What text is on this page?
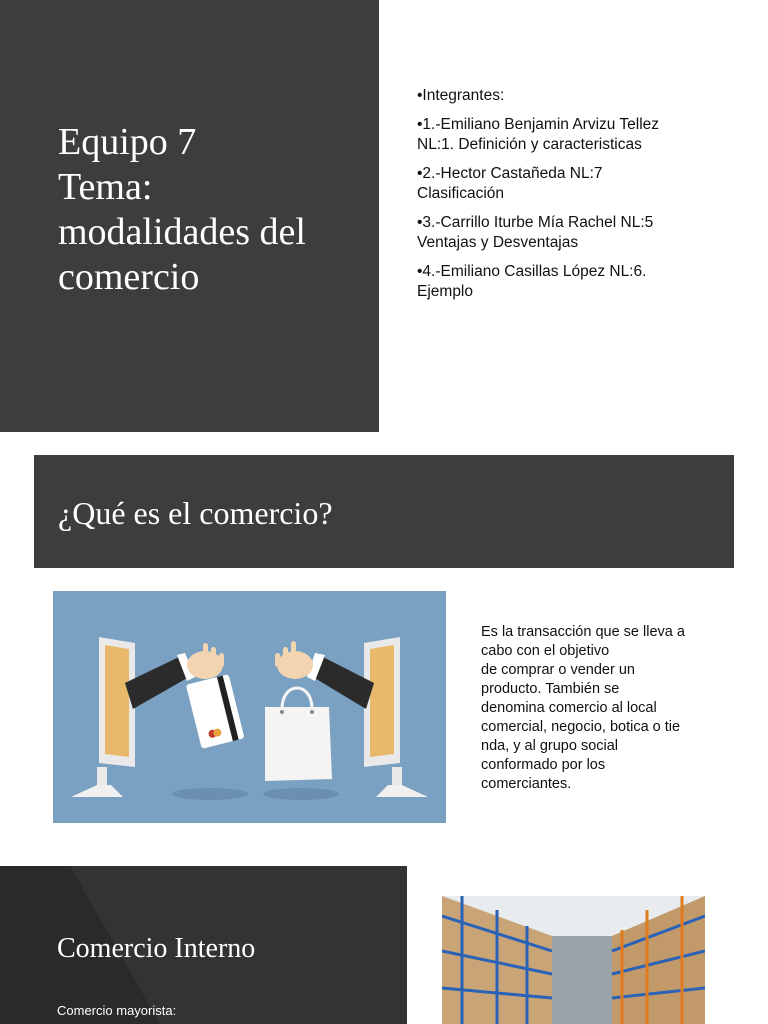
Equipo 7
Tema:
modalidades del
comercio
•Integrantes:
•1.-Emiliano Benjamin Arvizu Tellez
NL:1. Definición y caracteristicas
•2.-Hector Castañeda NL:7
Clasificación
•3.-Carrillo Iturbe Mía Rachel NL:5
Ventajas y Desventajas
•4.-Emiliano Casillas López NL:6.
Ejemplo
¿Qué es el comercio?
Es la transacción que se lleva a
cabo con el objetivo
de comprar o vender un
producto. También se
denomina comercio al local
comercial, negocio, botica o tie
nda, y al grupo social
conformado por los
comerciantes.
Comercio Interno
Comercio mayorista:
